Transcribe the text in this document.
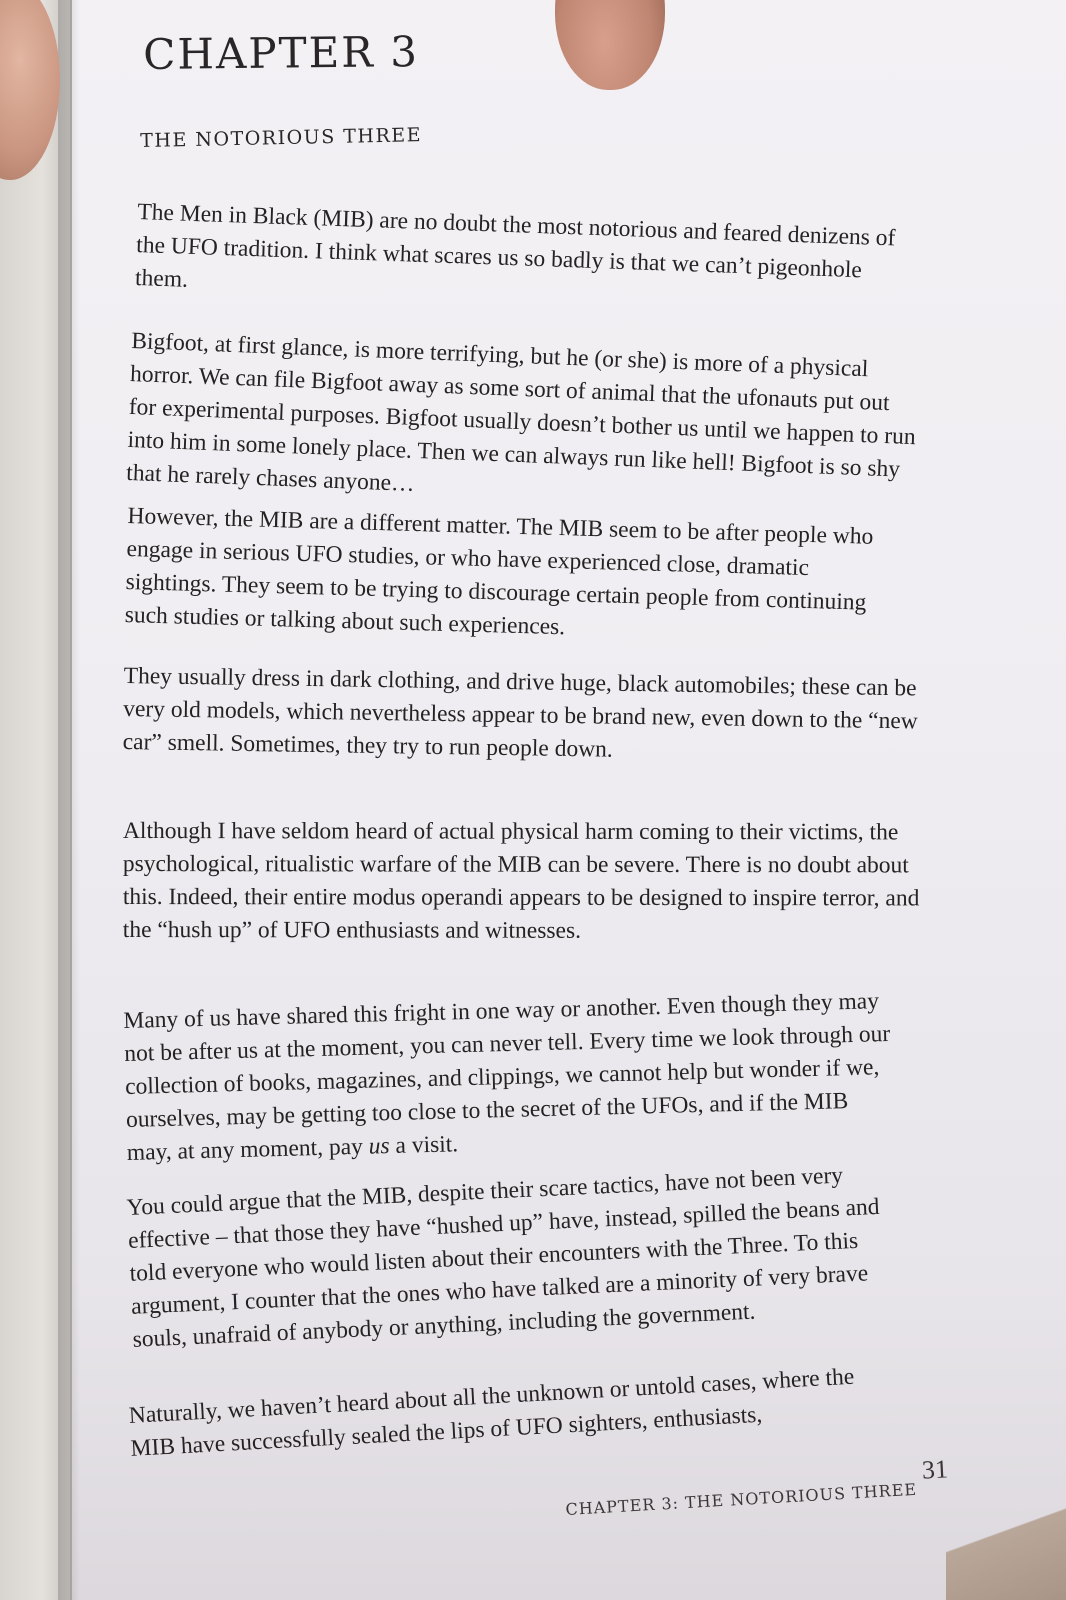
CHAPTER 3
THE NOTORIOUS THREE

The Men in Black (MIB) are no doubt the most notorious and feared denizens of the UFO tradition. I think what scares us so badly is that we can’t pigeonhole them.

Bigfoot, at first glance, is more terrifying, but he (or she) is more of a physical horror. We can file Bigfoot away as some sort of animal that the ufonauts put out for experimental purposes. Bigfoot usually doesn’t bother us until we happen to run into him in some lonely place. Then we can always run like hell! Bigfoot is so shy that he rarely chases anyone…

However, the MIB are a different matter. The MIB seem to be after people who engage in serious UFO studies, or who have experienced close, dramatic sightings. They seem to be trying to discourage certain people from continuing such studies or talking about such experiences.

They usually dress in dark clothing, and drive huge, black automobiles; these can be very old models, which nevertheless appear to be brand new, even down to the “new car” smell. Sometimes, they try to run people down.

Although I have seldom heard of actual physical harm coming to their victims, the psychological, ritualistic warfare of the MIB can be severe. There is no doubt about this. Indeed, their entire modus operandi appears to be designed to inspire terror, and the “hush up” of UFO enthusiasts and witnesses.

Many of us have shared this fright in one way or another. Even though they may not be after us at the moment, you can never tell. Every time we look through our collection of books, magazines, and clippings, we cannot help but wonder if we, ourselves, may be getting too close to the secret of the UFOs, and if the MIB may, at any moment, pay us a visit.

You could argue that the MIB, despite their scare tactics, have not been very effective – that those they have “hushed up” have, instead, spilled the beans and told everyone who would listen about their encounters with the Three. To this argument, I counter that the ones who have talked are a minority of very brave souls, unafraid of anybody or anything, including the government.

Naturally, we haven’t heard about all the unknown or untold cases, where the MIB have successfully sealed the lips of UFO sighters, enthusiasts,

CHAPTER 3: THE NOTORIOUS THREE

31
